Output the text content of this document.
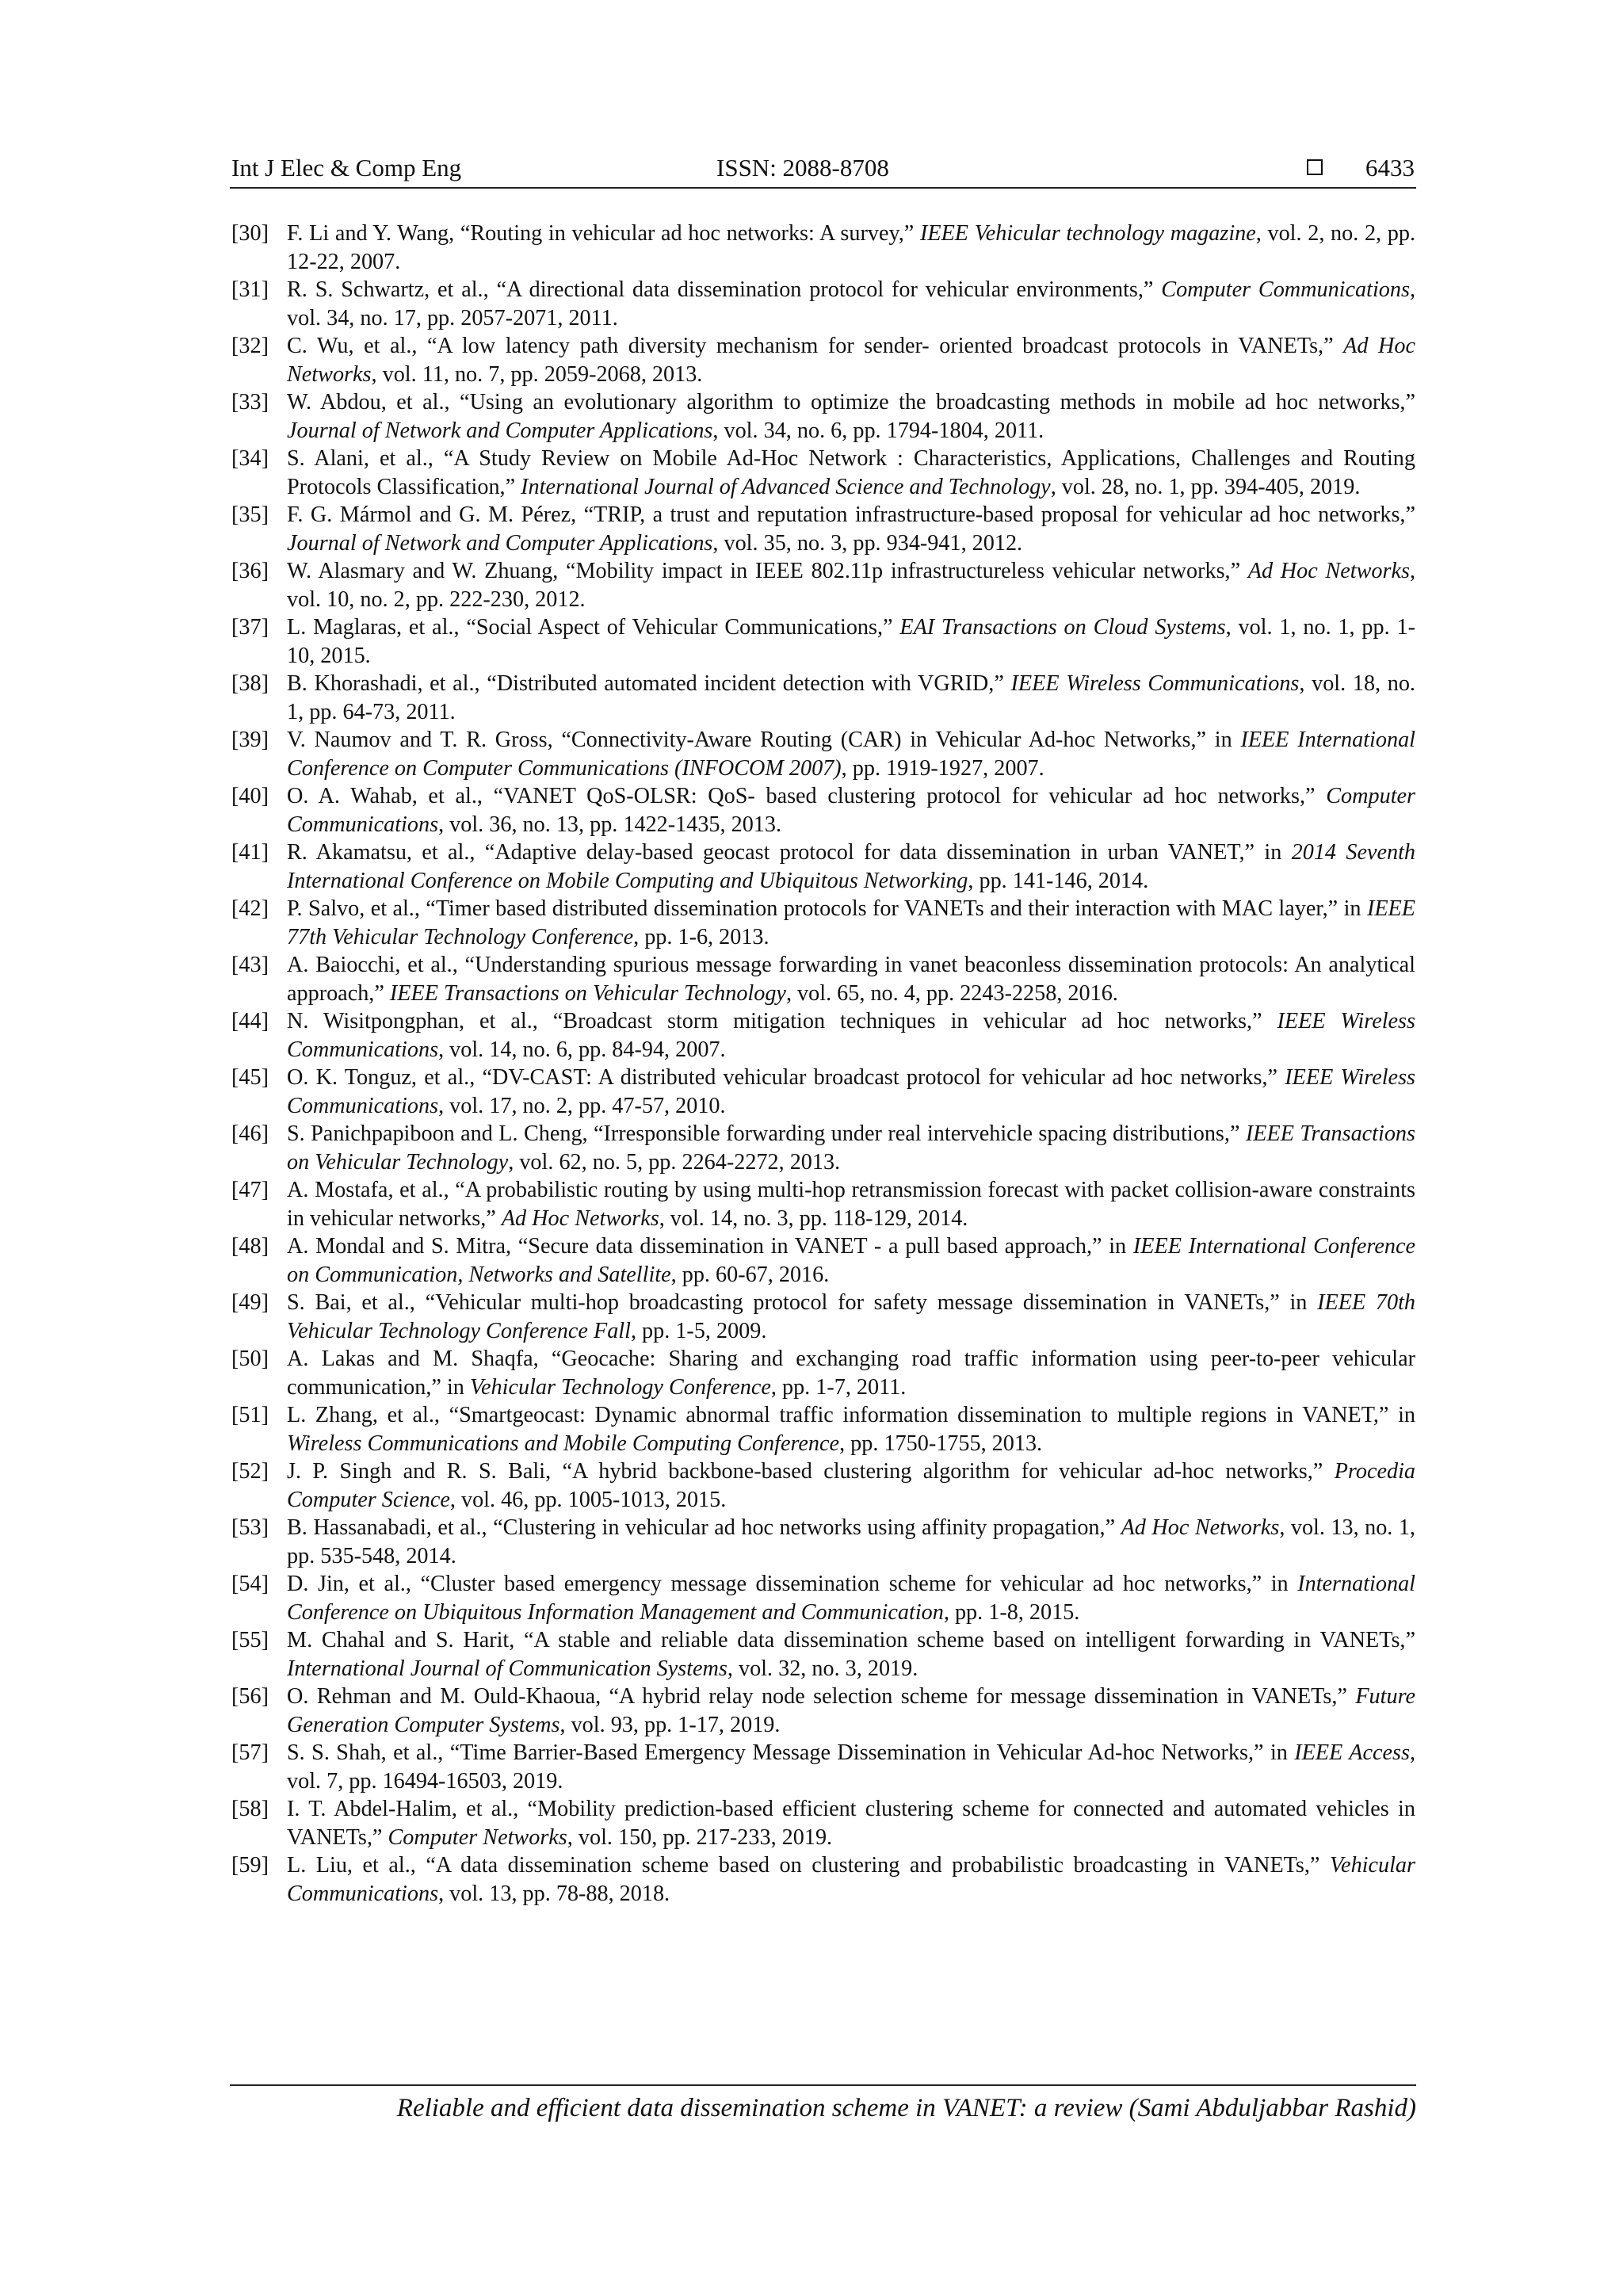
Int J Elec & Comp Eng	ISSN: 2088-8708	6433
[30] F. Li and Y. Wang, “Routing in vehicular ad hoc networks: A survey,” IEEE Vehicular technology magazine, vol. 2, no. 2, pp. 12-22, 2007.
[31] R. S. Schwartz, et al., “A directional data dissemination protocol for vehicular environments,” Computer Communications, vol. 34, no. 17, pp. 2057-2071, 2011.
[32] C. Wu, et al., “A low latency path diversity mechanism for sender- oriented broadcast protocols in VANETs,” Ad Hoc Networks, vol. 11, no. 7, pp. 2059-2068, 2013.
[33] W. Abdou, et al., “Using an evolutionary algorithm to optimize the broadcasting methods in mobile ad hoc networks,” Journal of Network and Computer Applications, vol. 34, no. 6, pp. 1794-1804, 2011.
[34] S. Alani, et al., “A Study Review on Mobile Ad-Hoc Network : Characteristics, Applications, Challenges and Routing Protocols Classification,” International Journal of Advanced Science and Technology, vol. 28, no. 1, pp. 394-405, 2019.
[35] F. G. Mármol and G. M. Pérez, “TRIP, a trust and reputation infrastructure-based proposal for vehicular ad hoc networks,” Journal of Network and Computer Applications, vol. 35, no. 3, pp. 934-941, 2012.
[36] W. Alasmary and W. Zhuang, “Mobility impact in IEEE 802.11p infrastructureless vehicular networks,” Ad Hoc Networks, vol. 10, no. 2, pp. 222-230, 2012.
[37] L. Maglaras, et al., “Social Aspect of Vehicular Communications,” EAI Transactions on Cloud Systems, vol. 1, no. 1, pp. 1-10, 2015.
[38] B. Khorashadi, et al., “Distributed automated incident detection with VGRID,” IEEE Wireless Communications, vol. 18, no. 1, pp. 64-73, 2011.
[39] V. Naumov and T. R. Gross, “Connectivity-Aware Routing (CAR) in Vehicular Ad-hoc Networks,” in IEEE International Conference on Computer Communications (INFOCOM 2007), pp. 1919-1927, 2007.
[40] O. A. Wahab, et al., “VANET QoS-OLSR: QoS- based clustering protocol for vehicular ad hoc networks,” Computer Communications, vol. 36, no. 13, pp. 1422-1435, 2013.
[41] R. Akamatsu, et al., “Adaptive delay-based geocast protocol for data dissemination in urban VANET,” in 2014 Seventh International Conference on Mobile Computing and Ubiquitous Networking, pp. 141-146, 2014.
[42] P. Salvo, et al., “Timer based distributed dissemination protocols for VANETs and their interaction with MAC layer,” in IEEE 77th Vehicular Technology Conference, pp. 1-6, 2013.
[43] A. Baiocchi, et al., “Understanding spurious message forwarding in vanet beaconless dissemination protocols: An analytical approach,” IEEE Transactions on Vehicular Technology, vol. 65, no. 4, pp. 2243-2258, 2016.
[44] N. Wisitpongphan, et al., “Broadcast storm mitigation techniques in vehicular ad hoc networks,” IEEE Wireless Communications, vol. 14, no. 6, pp. 84-94, 2007.
[45] O. K. Tonguz, et al., “DV-CAST: A distributed vehicular broadcast protocol for vehicular ad hoc networks,” IEEE Wireless Communications, vol. 17, no. 2, pp. 47-57, 2010.
[46] S. Panichpapiboon and L. Cheng, “Irresponsible forwarding under real intervehicle spacing distributions,” IEEE Transactions on Vehicular Technology, vol. 62, no. 5, pp. 2264-2272, 2013.
[47] A. Mostafa, et al., “A probabilistic routing by using multi-hop retransmission forecast with packet collision-aware constraints in vehicular networks,” Ad Hoc Networks, vol. 14, no. 3, pp. 118-129, 2014.
[48] A. Mondal and S. Mitra, “Secure data dissemination in VANET - a pull based approach,” in IEEE International Conference on Communication, Networks and Satellite, pp. 60-67, 2016.
[49] S. Bai, et al., “Vehicular multi-hop broadcasting protocol for safety message dissemination in VANETs,” in IEEE 70th Vehicular Technology Conference Fall, pp. 1-5, 2009.
[50] A. Lakas and M. Shaqfa, “Geocache: Sharing and exchanging road traffic information using peer-to-peer vehicular communication,” in Vehicular Technology Conference, pp. 1-7, 2011.
[51] L. Zhang, et al., “Smartgeocast: Dynamic abnormal traffic information dissemination to multiple regions in VANET,” in Wireless Communications and Mobile Computing Conference, pp. 1750-1755, 2013.
[52] J. P. Singh and R. S. Bali, “A hybrid backbone-based clustering algorithm for vehicular ad-hoc networks,” Procedia Computer Science, vol. 46, pp. 1005-1013, 2015.
[53] B. Hassanabadi, et al., “Clustering in vehicular ad hoc networks using affinity propagation,” Ad Hoc Networks, vol. 13, no. 1, pp. 535-548, 2014.
[54] D. Jin, et al., “Cluster based emergency message dissemination scheme for vehicular ad hoc networks,” in International Conference on Ubiquitous Information Management and Communication, pp. 1-8, 2015.
[55] M. Chahal and S. Harit, “A stable and reliable data dissemination scheme based on intelligent forwarding in VANETs,” International Journal of Communication Systems, vol. 32, no. 3, 2019.
[56] O. Rehman and M. Ould-Khaoua, “A hybrid relay node selection scheme for message dissemination in VANETs,” Future Generation Computer Systems, vol. 93, pp. 1-17, 2019.
[57] S. S. Shah, et al., “Time Barrier-Based Emergency Message Dissemination in Vehicular Ad-hoc Networks,” in IEEE Access, vol. 7, pp. 16494-16503, 2019.
[58] I. T. Abdel-Halim, et al., “Mobility prediction-based efficient clustering scheme for connected and automated vehicles in VANETs,” Computer Networks, vol. 150, pp. 217-233, 2019.
[59] L. Liu, et al., “A data dissemination scheme based on clustering and probabilistic broadcasting in VANETs,” Vehicular Communications, vol. 13, pp. 78-88, 2018.
Reliable and efficient data dissemination scheme in VANET: a review (Sami Abduljabbar Rashid)
